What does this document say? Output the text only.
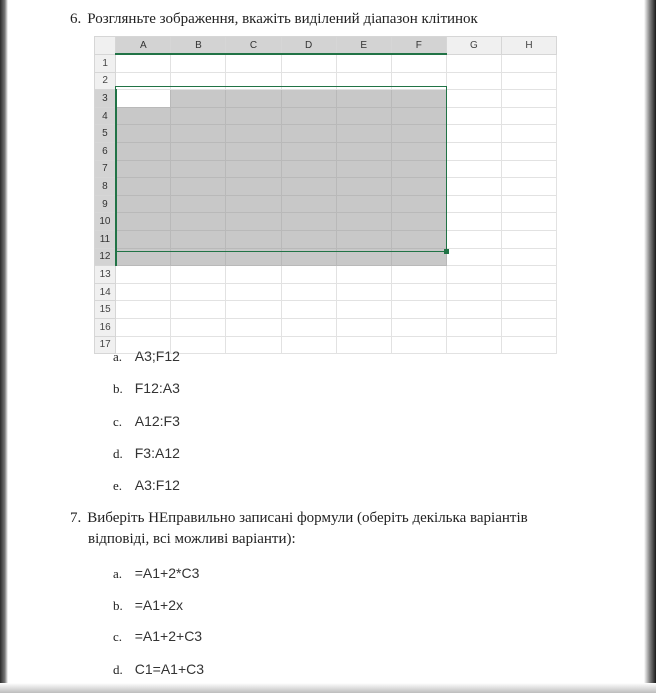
6. Розгляньте зображення, вкажіть виділений діапазон клітинок
	A	B	C	D	E	F	G	H
1								
2								
3								
4								
5								
6								
7								
8								
9								
10								
11								
12								
13								
14								
15								
16								
17								
a. A3;F12
b. F12:A3
c. A12:F3
d. F3:A12
e. A3:F12
7. Виберіть НЕправильно записані формули (оберіть декілька варіантів
відповіді, всі можливі варіанти):
a. =A1+2*C3
b. =A1+2x
c. =A1+2+C3
d. C1=A1+C3
